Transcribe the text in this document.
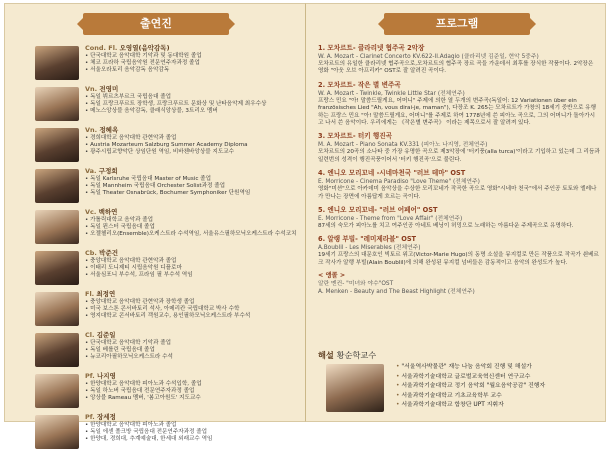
출연진
Cond. Fl. 오영열(음악감독)
• 단국대학교 음악대학 기악과 및 동대학원 졸업
• 체코 프라하 국립음악원 전문연주자과정 졸업
• 서울오라토리 음악감독 음악감독
Vn. 전영미
• 독일 뷔르츠부르크 국립음대 졸업
• 독일 프랑크푸르트 장학생, 프랑크푸르트 문화상 및 난타음악제 최우수상
• 메노스앙상블 음악감독, 클래식앙상블, 3트리오 멤버
Vn. 정혜옥
• 경희대학교 음악대학 관현악과 졸업
• Austria Mozarteum Salzburg Summer Academy Diploma
• 광주시립교향악단 상임단원 역임, 비바첸바앙상블 지도교수
Va. 구정희
• 독일 Karlsruhe 국립음대 Master of Music 졸업
• 독일 Mannheim 국립음대 Orchester Solist과정 졸업
• 독일 Theater Osnabrück, Bochumer Symphoniker 단원역임
Vc. 백하연
• 가톨릭대학교 음악과 졸업
• 독일 뮌스터 국립음대 졸업
• 오젤첼리오(Ensemble)오케스트라 수석역임, 서울유스필하모닉오케스트라 수석코치
Cb. 박준건
• 충앙대학교 음악대학 관현악과 졸업
• 이태리 도니제티 시립음악원 디플로마
• 서울심포니 부수석, 프라임 필 부수석 역임
Fl. 최정연
• 충앙대학교 음악대학 관현악과 장학생 졸업
• 미국 보스톤 콘서바토리 석사, 아메리칸 국립대학교 박사 수학
• 영지대학교 콘서바토리 객원교수, 용인필하모닉오케스트라 부수석
Cl. 김준일
• 단국대학교 음악대학 기악과 졸업
• 독일 베를린 국립음대 졸업
• 뉴코리아필하모닉오케스트라 수석
Pf. 나지영
• 한양대학교 음악대학 피아노과 수석입학, 졸업
• 독일 하노버 국립음대 전문연주자과정 졸업
• 앙상블 Rameau 멤버, '봄고아원도' 지도교수
Pf. 장세정
• 한양대학교 음악대학 피아노과 졸업
• 독일 에센 폴크방 국립음대 전문연주자과정 졸업
• 한양대, 경희대, 추계예술대, 한세대 외래교수 역임
프로그램
1. 모차르트- 클라리넷 협주곡 2악장
W. A. Mozart - Clarinet Concerto KV.622-II.Adagio (클라리넷 김준일, 현악 5중주)
모차르트의 유일한 클라리넷 협주곡으로,모차르트의 협주곡 장르 곡들 가운데서 최후를 장식한 작품이다. 2악장은 영화 "아웃 오브 아프리카" OST로 잘 알려진 곡이다.
2. 모차르트- 작은 별 변주곡
W. A. Mozart - Twinkle, Twinkle Little Star (전체연주)
프랑스 민요 "아! 말씀드릴게요, 어머니" 주제에 의한 열 두개의 변주곡(독일어: 12 Variationen über ein französisches Lied "Ah, vous dirai-je, maman"), 다장조 K. 265는 모차르트가 가창의 18세기 중반으로 유행하는 프랑스 민요 "아! 말씀드릴게요, 어머니"를 주제로 하여 1778년에 쓴 피아노 곡으로, 그의 어머니가 돌아가시고 나서 쓴 음악이다. 우리에게는 《작은별 변주곡》 이라는 제목으로서 잘 알려져 있다.
3. 모차르트- 터키 행진곡
M. A. Mozart - Piano Sonata KV.331 (피아노 나지영, 전체연주)
모차르트의 20곡의 소나타 중 가장 유명한 곡으로 제3악장에 '터키풍(alla turca)'이라고 기입하고 있는데 그 리듬과 일련번의 성격이 행진곡풍이어서 '터키 행진곡'으로 불린다.
4. 엔니오 모리꼬네 -시네마천국 "러브 테마" OST
E. Morricone - Cinema Paradiso "Love Theme" (전체연주)
영화"미션"으로 아카데미 음악상을 수상한 모리꼬네가 작곡한 곡으로 영화"시네마 천국"에서 주인공 토토와 엘레나가 만나는 장면에 아름답게 흐르는 곡이다.
5. 엔니오 모리꼬네- "러브 어페어" OST
E. Morricone - Theme from "Love Affair" (전체연주)
87세의 숙모가 피아노를 치고 여주인공 아네트 베닝이 허밍으로 노래하는 아름다운 주제곡으로 유명하다.
6. 알랭 부빌- "레미제라블" OST
A.Boublil - Les Miserables (전체연주)
19세기 프랑스의 대문호인 빅토르 위고(Victor-Marie Hugo)의 동명 소설을 뮤지컬로 만든 작품으로 작곡가 쇤베르크 작사가 알랭 부빌(Alain Boublil)에 의해 완성된 뮤지컬 넘버들은 감동적이고 음악의 완성도가 높다.
< 앵콜 >
알란 멘컨- "미녀와 야수"OST
A. Menken - Beauty and The Beast Highlight (전체연주)
해설 황순학교수
• "서울역사박물관" 재능 나눔 음악회 진행 및 해설가
• 서울과학기술대학교 글로벌교육혁신센터 연구교수
• 서울과학기술대학교 정기 음악회 "월요음악공감" 진행자
• 서울과학기술대학교 기초교육학부 교수
• 서울과학기술대학교 합창단 UPT 지휘자
